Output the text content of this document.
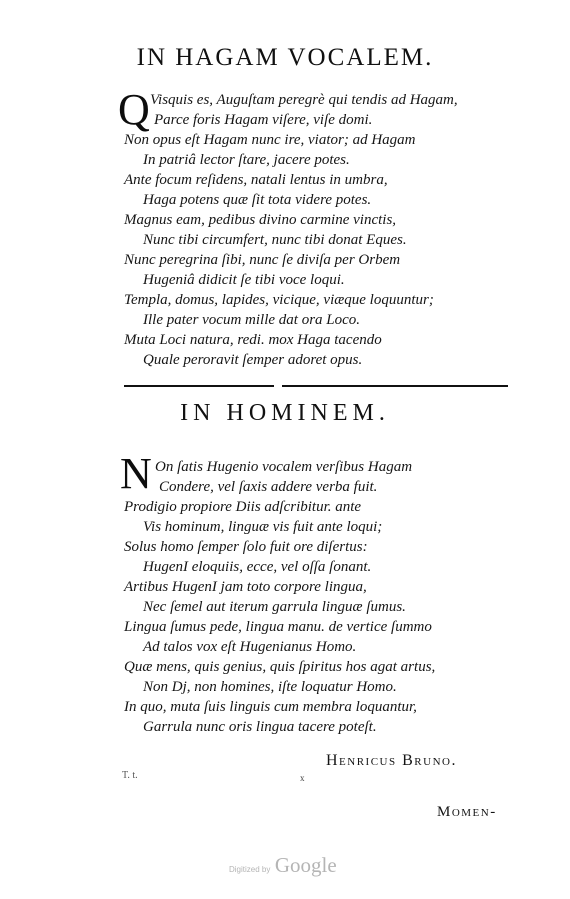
IN HAGAM VOCALEM.
Q Visquis es, Auguſtam peregrè qui tendis ad Hagam,
Parce foris Hagam viſere, viſe domi.
Non opus eſt Hagam nunc ire, viator; ad Hagam
In patriâ lector ſtare, jacere potes.
Ante focum reſidens, natali lentus in umbra,
Haga potens quæ ſit tota videre potes.
Magnus eam, pedibus divino carmine vinctis,
Nunc tibi circumfert, nunc tibi donat Eques.
Nunc peregrina ſibi, nunc ſe diviſa per Orbem
Hugeniâ didicit ſe tibi voce loqui.
Templa, domus, lapides, vicique, viæque loquuntur;
Ille pater vocum mille dat ora Loco.
Muta Loci natura, redi. mox Haga tacendo
Quale peroravit ſemper adoret opus.
IN HOMINEM.
N On ſatis Hugenio vocalem verſibus Hagam
Condere, vel ſaxis addere verba fuit.
Prodigio propiore Diis adſcribitur. ante
Vis hominum, linguæ vis fuit ante loqui;
Solus homo ſemper ſolo fuit ore diſertus:
HugenI eloquiis, ecce, vel oſſa ſonant.
Artibus HugenI jam toto corpore lingua,
Nec ſemel aut iterum garrula linguæ ſumus.
Lingua ſumus pede, lingua manu. de vertice ſummo
Ad talos vox eſt Hugenianus Homo.
Quæ mens, quis genius, quis ſpiritus hos agat artus,
Non Dj, non homines, iſte loquatur Homo.
In quo, muta ſuis linguis cum membra loquantur,
Garrula nunc oris lingua tacere poteſt.
Henricus Bruno.
T. t.	x
Momen-
Digitized by Google
